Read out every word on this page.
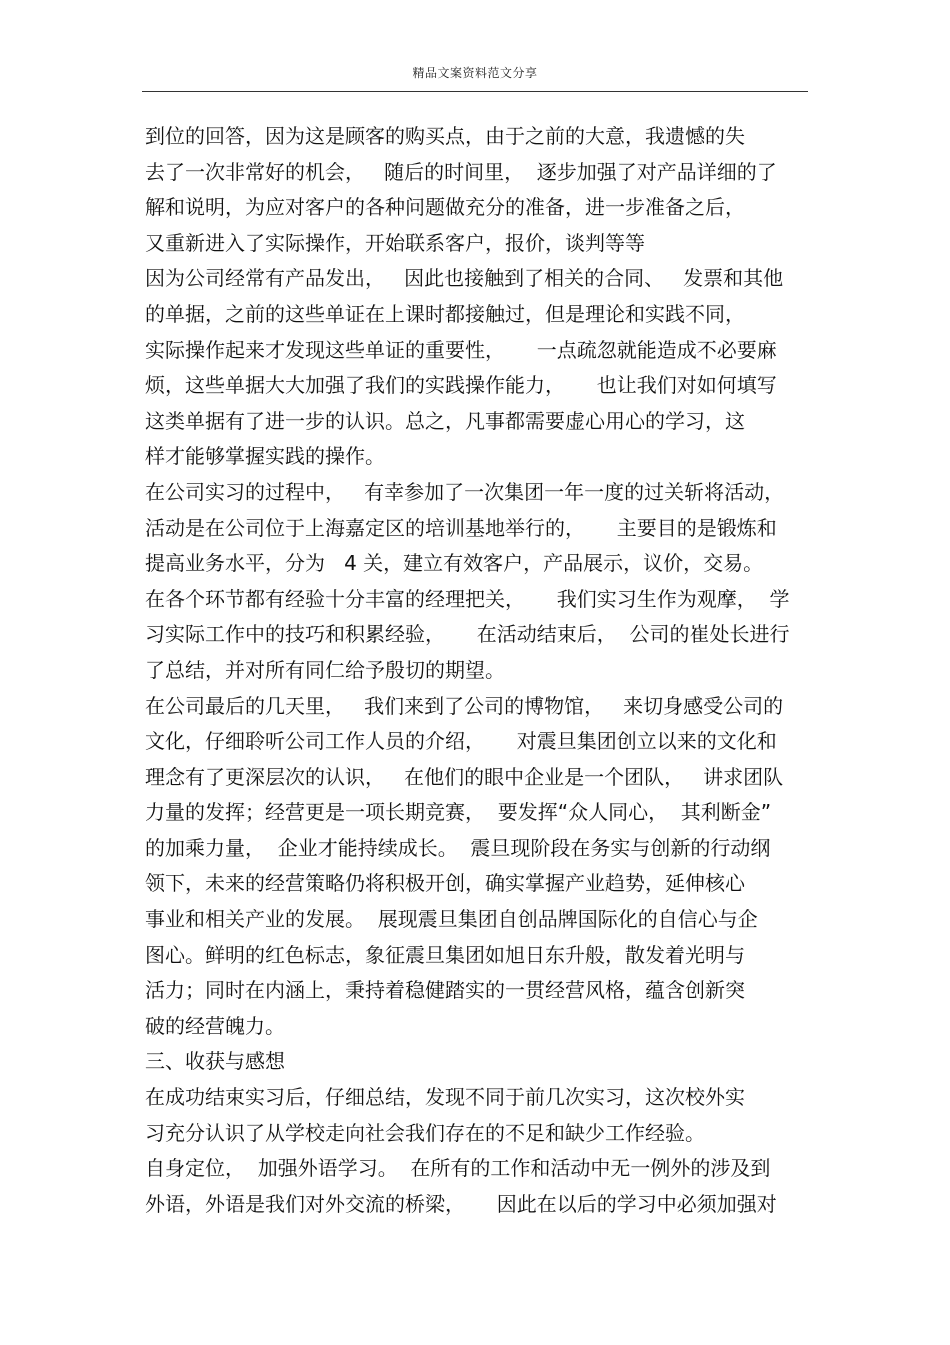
精品文案资料范文分享
到位的回答，因为这是顾客的购买点，由于之前的大意，我遗憾的失
去了一次非常好的机会，   随后的时间里，  逐步加强了对产品详细的了
解和说明，为应对客户的各种问题做充分的准备，进一步准备之后，
又重新进入了实际操作，开始联系客户，报价，谈判等等
因为公司经常有产品发出，   因此也接触到了相关的合同、   发票和其他
的单据，之前的这些单证在上课时都接触过，但是理论和实践不同，
实际操作起来才发现这些单证的重要性，     一点疏忽就能造成不必要麻
烦，这些单据大大加强了我们的实践操作能力，     也让我们对如何填写
这类单据有了进一步的认识。总之，凡事都需要虚心用心的学习，这
样才能够掌握实践的操作。
在公司实习的过程中，   有幸参加了一次集团一年一度的过关斩将活动，
活动是在公司位于上海嘉定区的培训基地举行的，     主要目的是锻炼和
提高业务水平，分为   4 关，建立有效客户，产品展示，议价，交易。
在各个环节都有经验十分丰富的经理把关，     我们实习生作为观摩，  学
习实际工作中的技巧和积累经验，     在活动结束后，  公司的崔处长进行
了总结，并对所有同仁给予殷切的期望。
在公司最后的几天里，   我们来到了公司的博物馆，   来切身感受公司的
文化，仔细聆听公司工作人员的介绍，     对震旦集团创立以来的文化和
理念有了更深层次的认识，   在他们的眼中企业是一个团队，   讲求团队
力量的发挥；经营更是一项长期竞赛，  要发挥“众人同心，  其利断金”
的加乘力量，  企业才能持续成长。  震旦现阶段在务实与创新的行动纲
领下，未来的经营策略仍将积极开创，确实掌握产业趋势，延伸核心
事业和相关产业的发展。  展现震旦集团自创品牌国际化的自信心与企
图心。鲜明的红色标志，象征震旦集团如旭日东升般，散发着光明与
活力；同时在内涵上，秉持着稳健踏实的一贯经营风格，蕴含创新突
破的经营魄力。
三、收获与感想
在成功结束实习后，仔细总结，发现不同于前几次实习，这次校外实
习充分认识了从学校走向社会我们存在的不足和缺少工作经验。
自身定位，  加强外语学习。  在所有的工作和活动中无一例外的涉及到
外语，外语是我们对外交流的桥梁，     因此在以后的学习中必须加强对
